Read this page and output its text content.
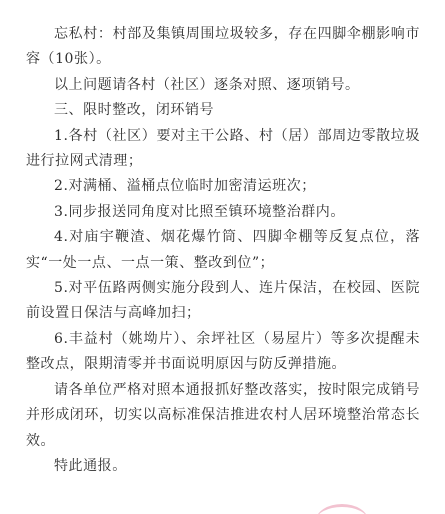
忘私村：村部及集镇周围垃圾较多，存在四脚伞棚影响市容（10张）。

以上问题请各村（社区）逐条对照、逐项销号。

三、限时整改，闭环销号

1.各村（社区）要对主干公路、村（居）部周边零散垃圾进行拉网式清理；

2.对满桶、溢桶点位临时加密清运班次；

3.同步报送同角度对比照至镇环境整治群内。

4.对庙宇鞭渣、烟花爆竹筒、四脚伞棚等反复点位，落实“一处一点、一点一策、整改到位”；

5.对平伍路两侧实施分段到人、连片保洁，在校园、医院前设置日保洁与高峰加扫；

6.丰益村（姚坳片）、余坪社区（易屋片）等多次提醒未整改点，限期清零并书面说明原因与防反弹措施。

请各单位严格对照本通报抓好整改落实，按时限完成销号并形成闭环，切实以高标准保洁推进农村人居环境整治常态长效。

特此通报。
